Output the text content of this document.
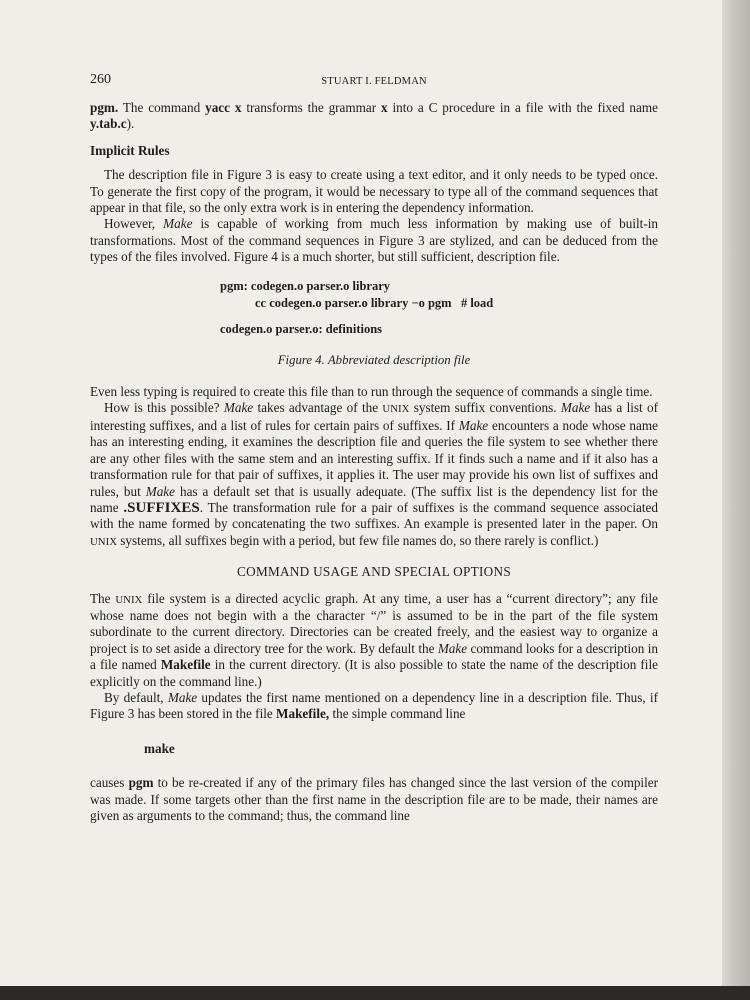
260	STUART I. FELDMAN

pgm. The command yacc x transforms the grammar x into a C procedure in a file with the fixed name y.tab.c).

Implicit Rules

The description file in Figure 3 is easy to create using a text editor, and it only needs to be typed once. To generate the first copy of the program, it would be necessary to type all of the command sequences that appear in that file, so the only extra work is in entering the dependency information.

However, Make is capable of working from much less information by making use of built-in transformations. Most of the command sequences in Figure 3 are stylized, and can be deduced from the types of the files involved. Figure 4 is a much shorter, but still sufficient, description file.

pgm: codegen.o parser.o library
cc codegen.o parser.o library −o pgm   # load
codegen.o parser.o: definitions
Figure 4. Abbreviated description file

Even less typing is required to create this file than to run through the sequence of commands a single time.

How is this possible? Make takes advantage of the UNIX system suffix conventions. Make has a list of interesting suffixes, and a list of rules for certain pairs of suffixes. If Make encounters a node whose name has an interesting ending, it examines the description file and queries the file system to see whether there are any other files with the same stem and an interesting suffix. If it finds such a name and if it also has a transformation rule for that pair of suffixes, it applies it. The user may provide his own list of suffixes and rules, but Make has a default set that is usually adequate. (The suffix list is the dependency list for the name .SUFFIXES. The transformation rule for a pair of suffixes is the command sequence associated with the name formed by concatenating the two suffixes. An example is presented later in the paper. On UNIX systems, all suffixes begin with a period, but few file names do, so there rarely is conflict.)

COMMAND USAGE AND SPECIAL OPTIONS

The UNIX file system is a directed acyclic graph. At any time, a user has a “current directory”; any file whose name does not begin with a the character “/” is assumed to be in the part of the file system subordinate to the current directory. Directories can be created freely, and the easiest way to organize a project is to set aside a directory tree for the work. By default the Make command looks for a description in a file named Makefile in the current directory. (It is also possible to state the name of the description file explicitly on the command line.)

By default, Make updates the first name mentioned on a dependency line in a description file. Thus, if Figure 3 has been stored in the file Makefile, the simple command line

make

causes pgm to be re-created if any of the primary files has changed since the last version of the compiler was made. If some targets other than the first name in the description file are to be made, their names are given as arguments to the command; thus, the command line
